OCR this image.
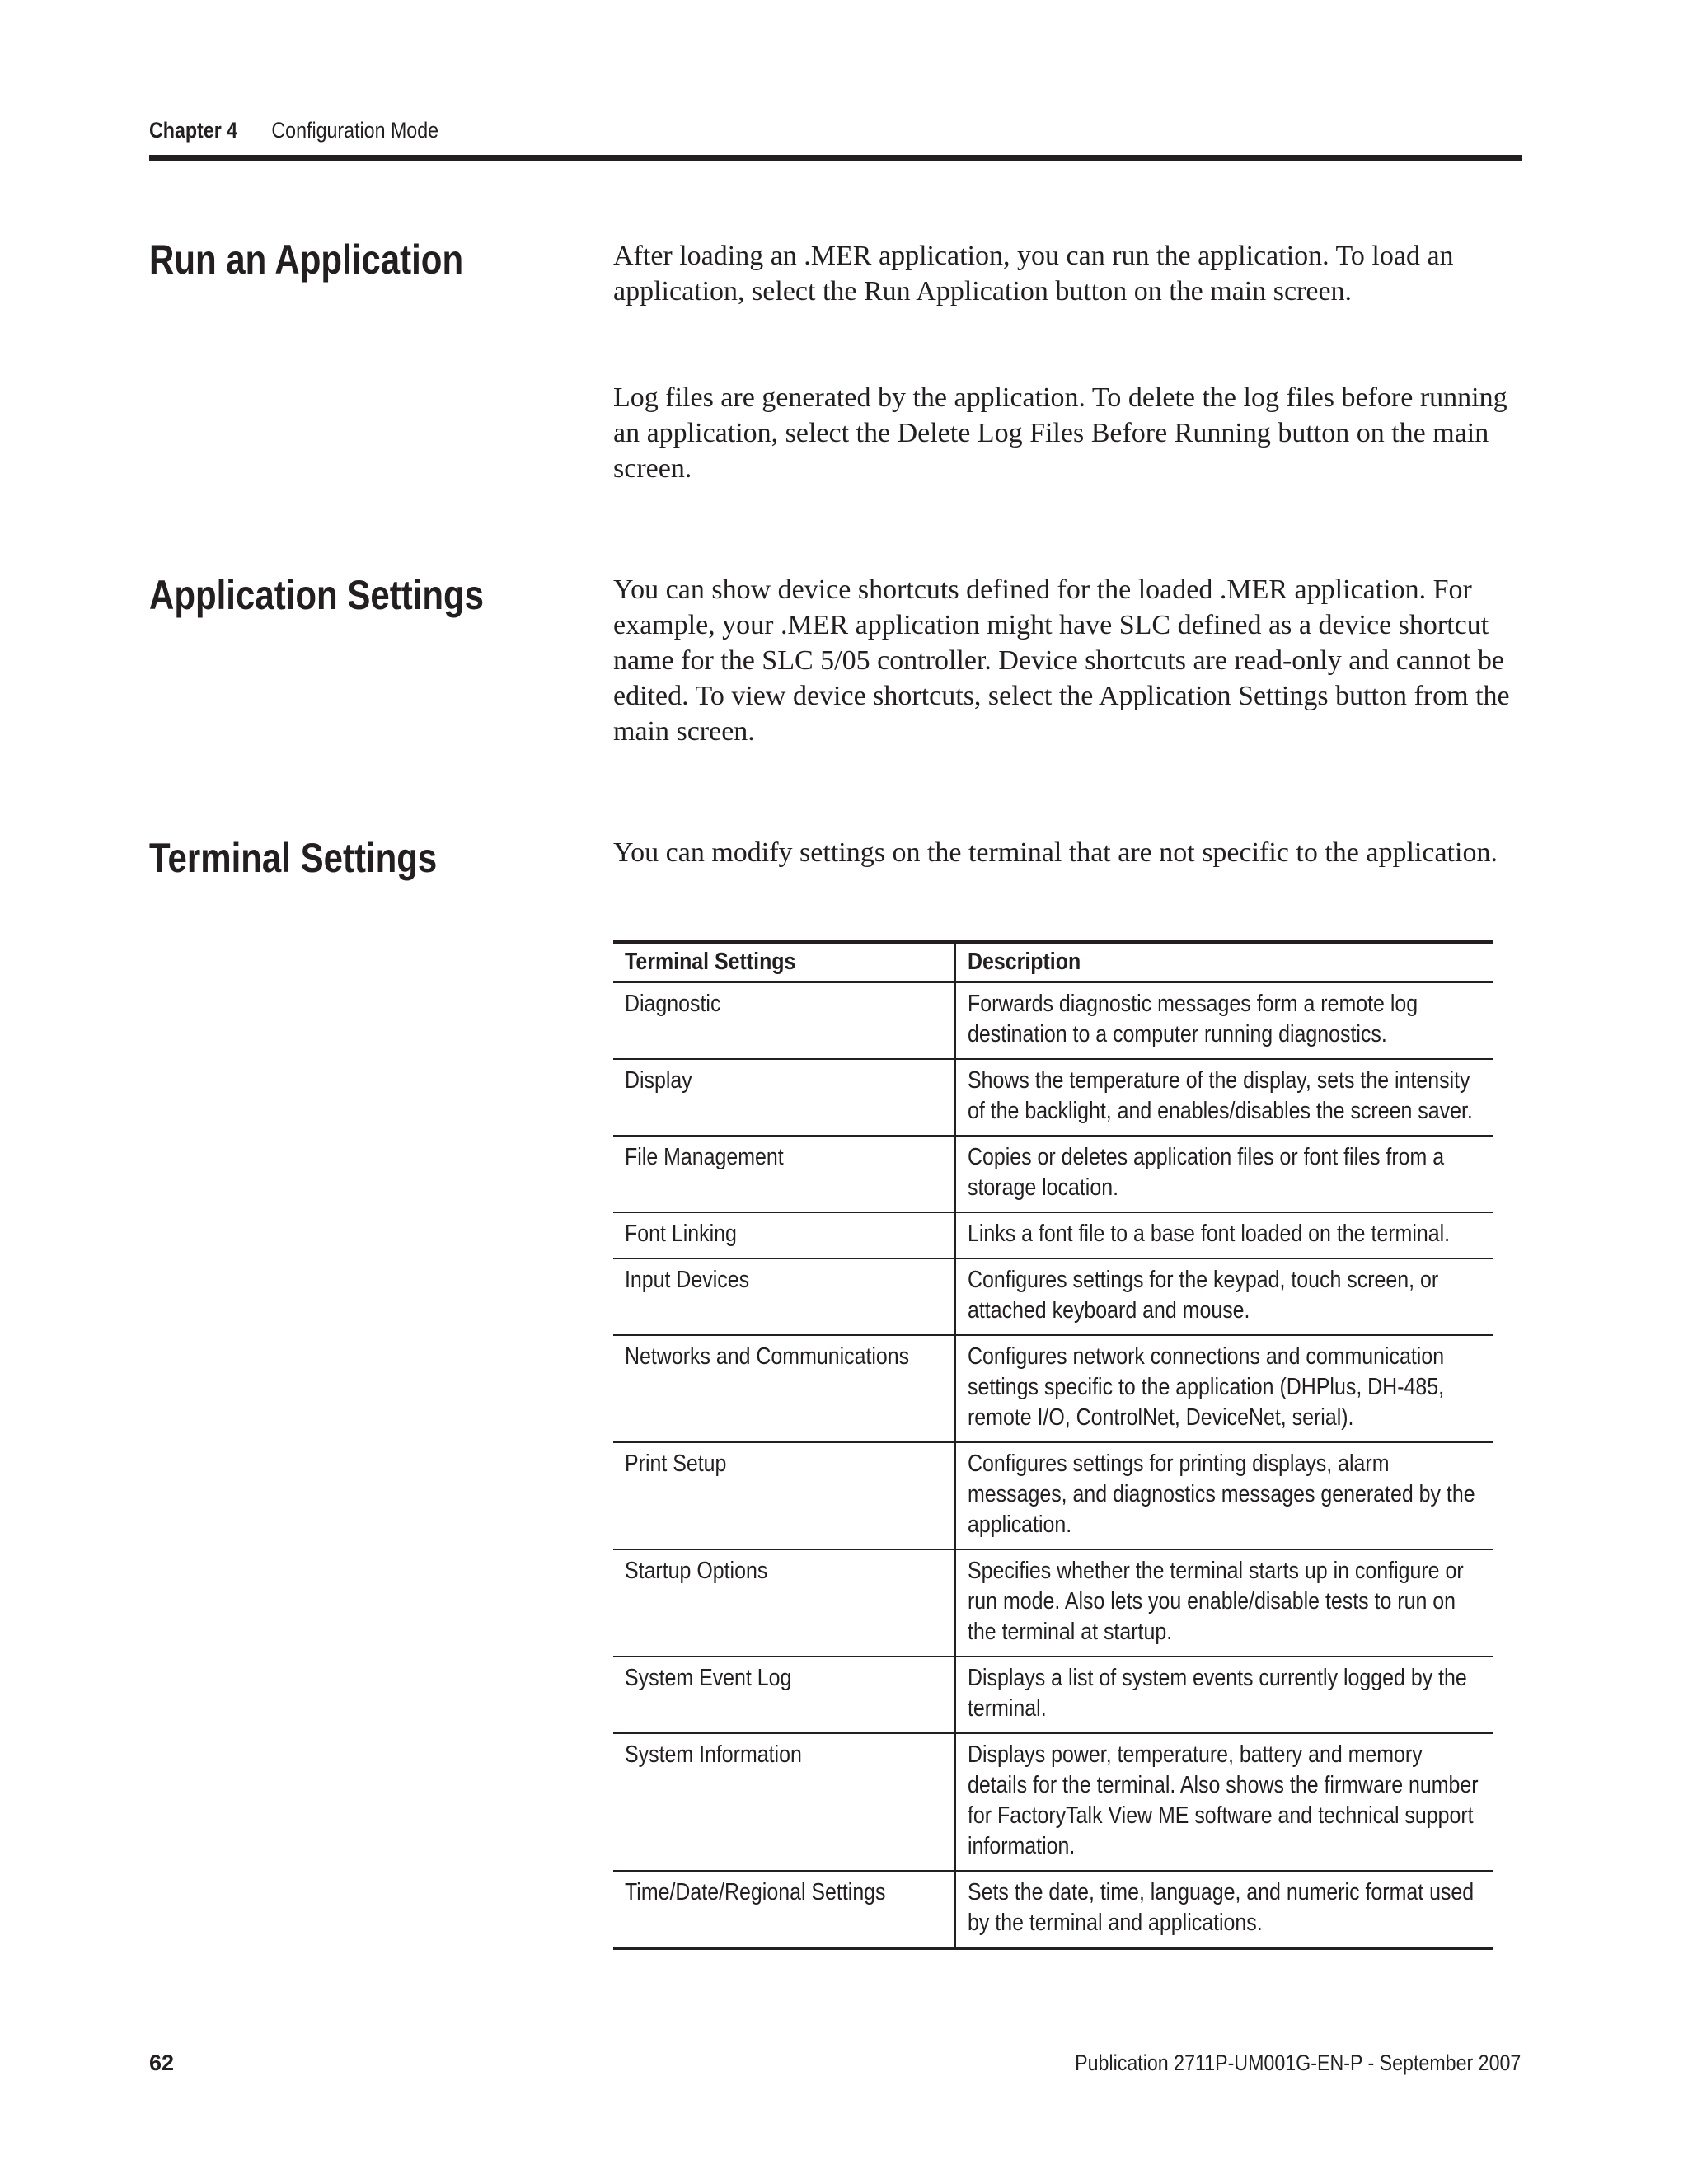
Chapter 4 Configuration Mode
Run an Application	After loading an .MER application, you can run the application. To load an application, select the Run Application button on the main screen.

Log files are generated by the application. To delete the log files before running an application, select the Delete Log Files Before Running button on the main screen.

Application Settings	You can show device shortcuts defined for the loaded .MER application. For example, your .MER application might have SLC defined as a device shortcut name for the SLC 5/05 controller. Device shortcuts are read-only and cannot be edited. To view device shortcuts, select the Application Settings button from the main screen.

Terminal Settings	You can modify settings on the terminal that are not specific to the application.

Terminal Settings	Description
Diagnostic	Forwards diagnostic messages form a remote log destination to a computer running diagnostics.
Display	Shows the temperature of the display, sets the intensity of the backlight, and enables/disables the screen saver.
File Management	Copies or deletes application files or font files from a storage location.
Font Linking	Links a font file to a base font loaded on the terminal.
Input Devices	Configures settings for the keypad, touch screen, or attached keyboard and mouse.
Networks and Communications	Configures network connections and communication settings specific to the application (DHPlus, DH-485, remote I/O, ControlNet, DeviceNet, serial).
Print Setup	Configures settings for printing displays, alarm messages, and diagnostics messages generated by the application.
Startup Options	Specifies whether the terminal starts up in configure or run mode. Also lets you enable/disable tests to run on the terminal at startup.
System Event Log	Displays a list of system events currently logged by the terminal.
System Information	Displays power, temperature, battery and memory details for the terminal. Also shows the firmware number for FactoryTalk View ME software and technical support information.
Time/Date/Regional Settings	Sets the date, time, language, and numeric format used by the terminal and applications.
62	Publication 2711P-UM001G-EN-P - September 2007
